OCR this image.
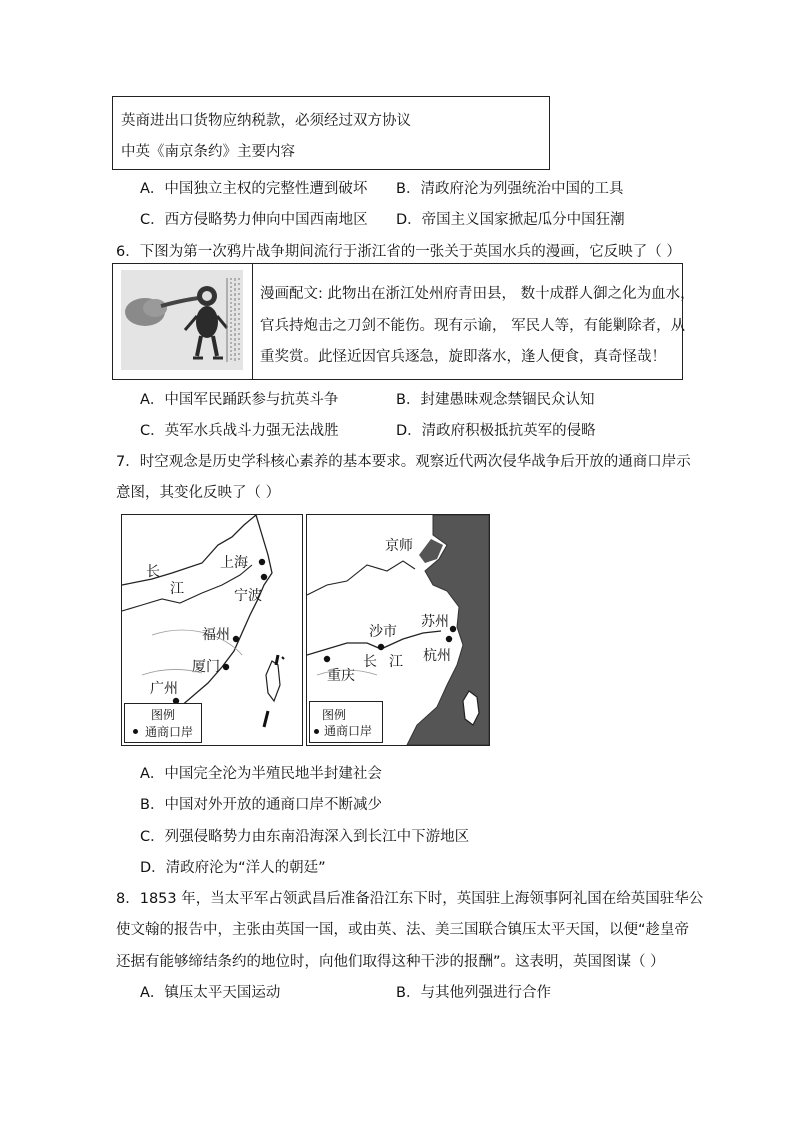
英商进出口货物应纳税款，必须经过双方协议
中英《南京条约》主要内容
A．中国独立主权的完整性遭到破坏 B．清政府沦为列强统治中国的工具
C．西方侵略势力伸向中国西南地区 D．帝国主义国家掀起瓜分中国狂潮
6．下图为第一次鸦片战争期间流行于浙江省的一张关于英国水兵的漫画，它反映了（ ）
漫画配文: 此物出在浙江处州府青田县， 数十成群人御之化为血水，
官兵持炮击之刀剑不能伤。现有示谕， 军民人等，有能剿除者，从
重奖赏。此怪近因官兵逐急，旋即落水，逢人便食，真奇怪哉！
A．中国军民踊跃参与抗英斗争	B．封建愚昧观念禁锢民众认知
C．英军水兵战斗力强无法战胜	D．清政府积极抵抗英军的侵略
7．时空观念是历史学科核心素养的基本要求。观察近代两次侵华战争后开放的通商口岸示
意图，其变化反映了（ ）
长
江
上海
宁波
福州
厦门
广州
图例
通商口岸
京师
苏州
沙市
杭州
重庆
长 江
图例
通商口岸
A．中国完全沦为半殖民地半封建社会
B．中国对外开放的通商口岸不断减少
C．列强侵略势力由东南沿海深入到长江中下游地区
D．清政府沦为“洋人的朝廷”
8．1853 年，当太平军占领武昌后准备沿江东下时，英国驻上海领事阿礼国在给英国驻华公
使文翰的报告中，主张由英国一国，或由英、法、美三国联合镇压太平天国，以便“趁皇帝
还据有能够缔结条约的地位时，向他们取得这种干涉的报酬”。这表明，英国图谋（ ）
A．镇压太平天国运动	B．与其他列强进行合作
